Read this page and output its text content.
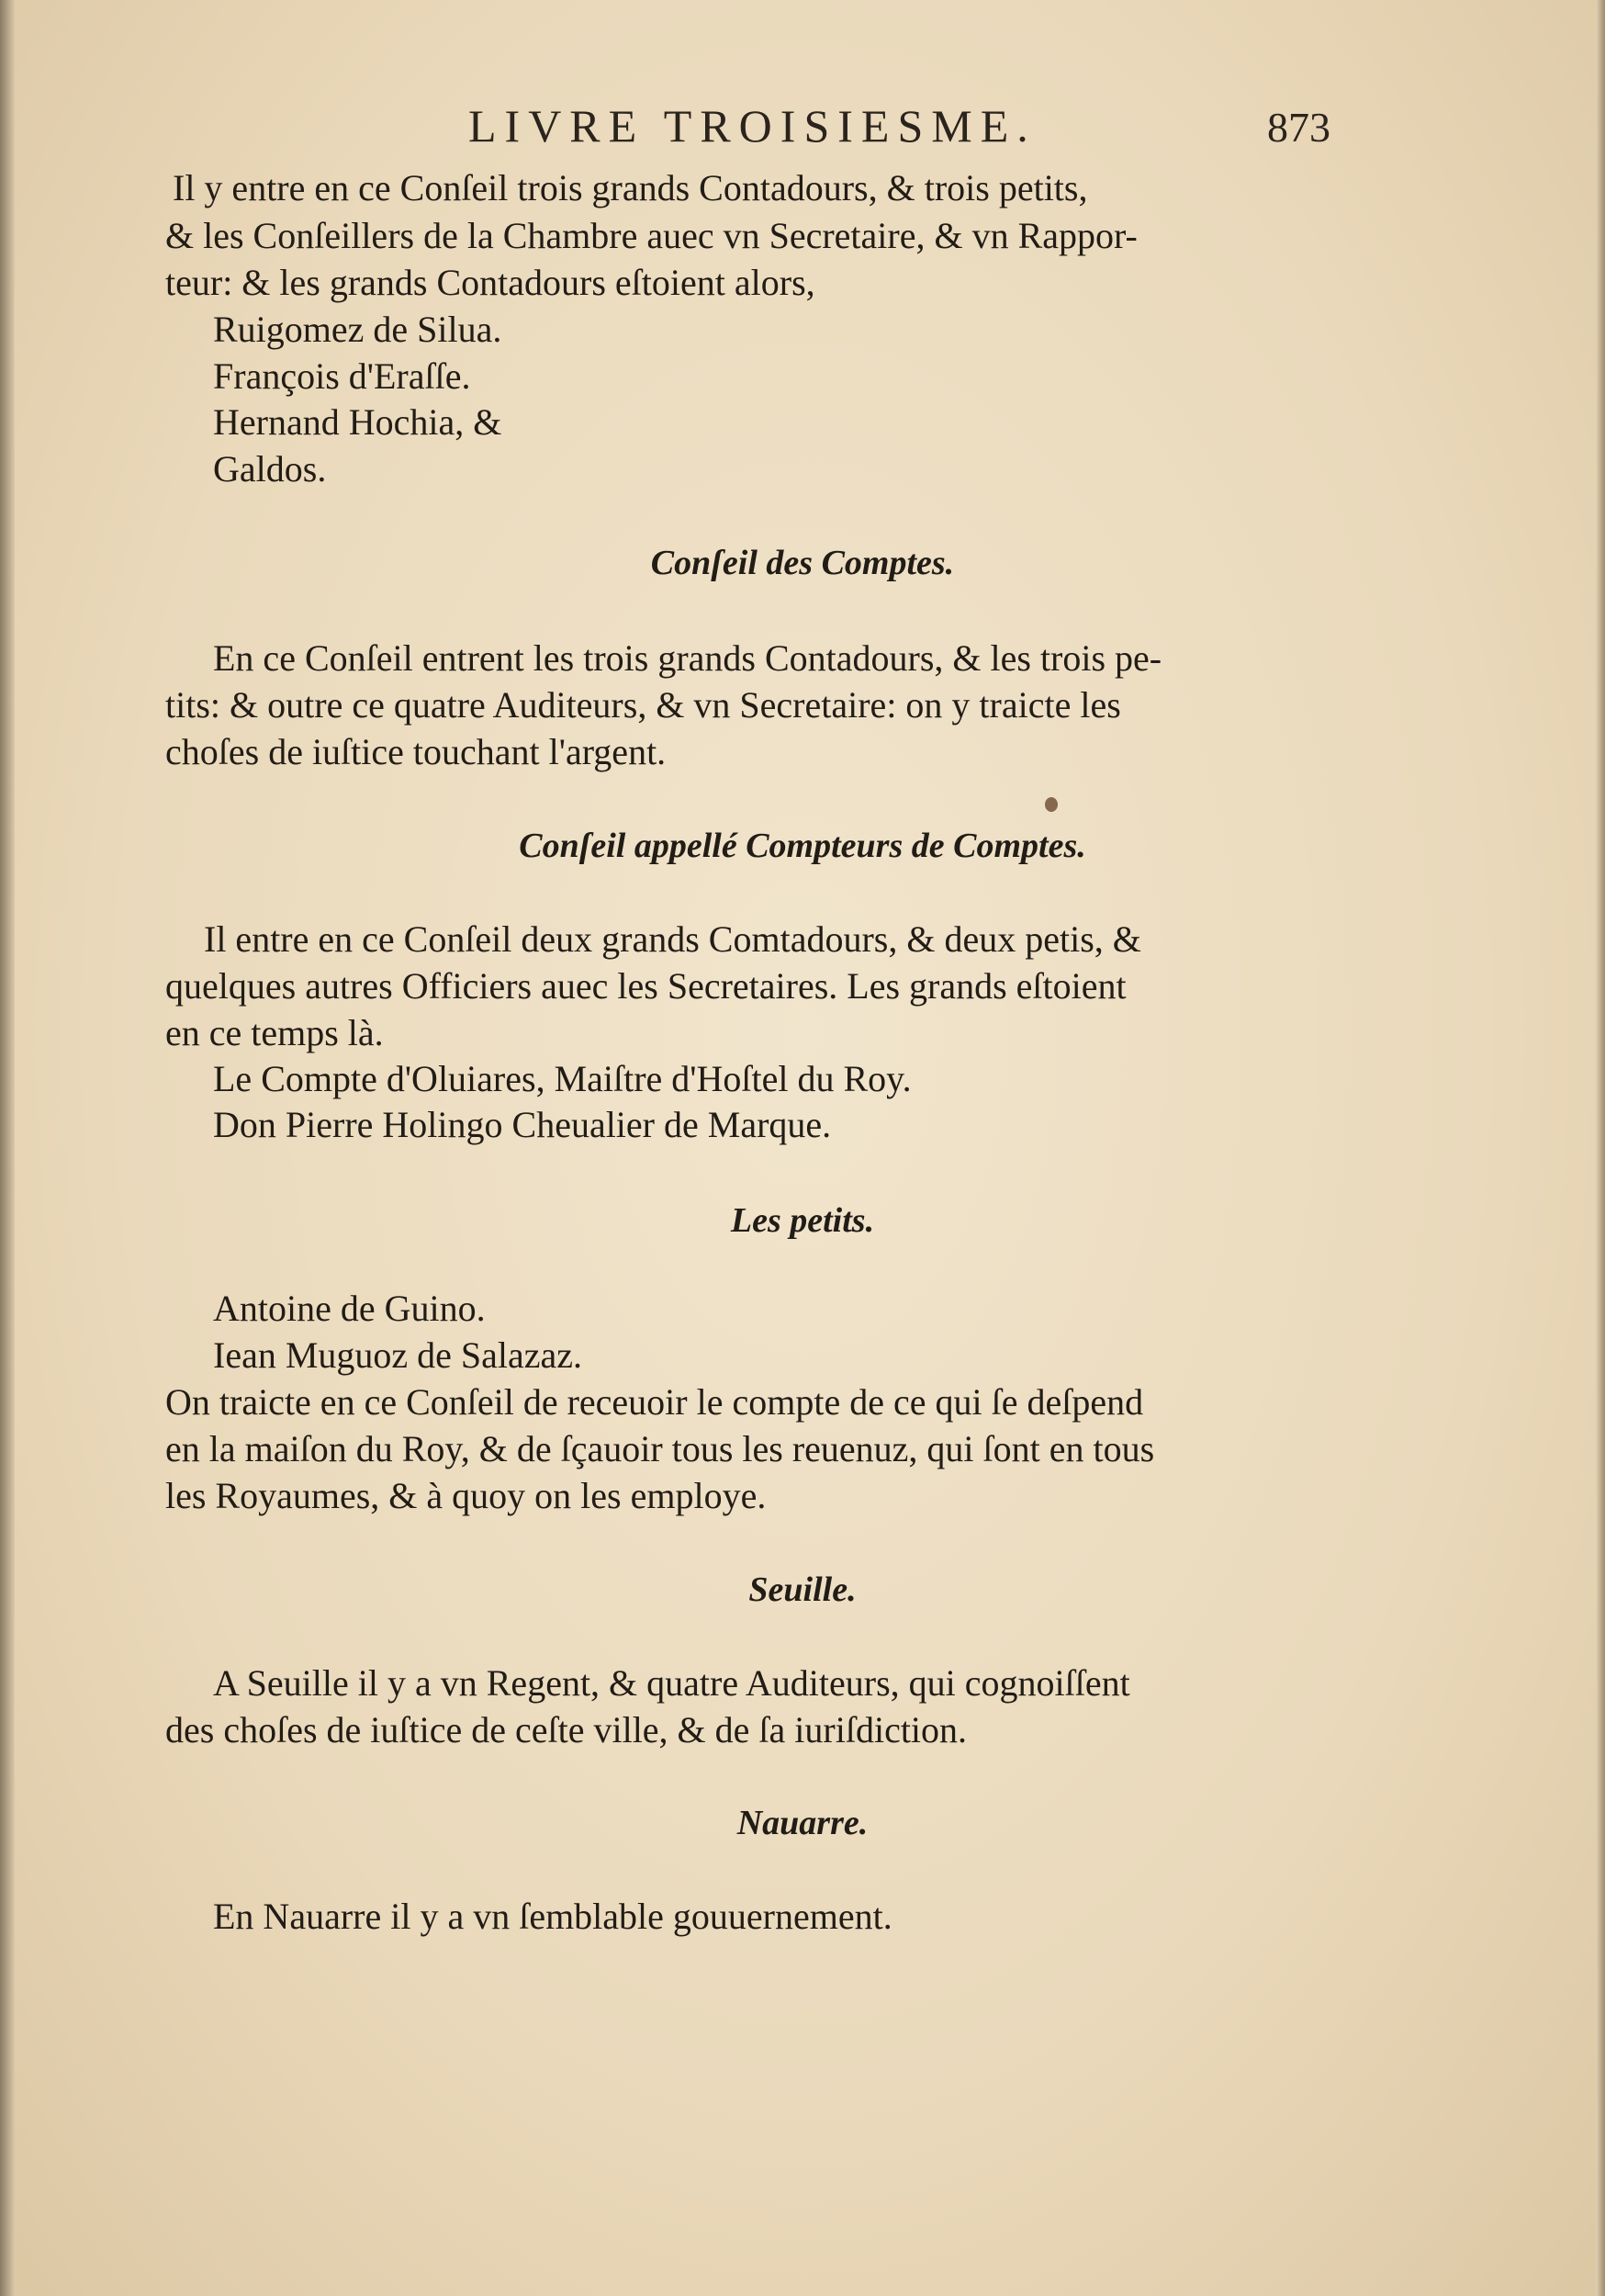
LIVRE TROISIESME.	873
Il y entre en ce Conſeil trois grands Contadours, & trois petits,
& les Conſeillers de la Chambre auec vn Secretaire, & vn Rappor-
teur: & les grands Contadours eſtoient alors,
Ruigomez de Silua.
François d'Eraſſe.
Hernand Hochia, &
Galdos.
Conſeil des Comptes.
En ce Conſeil entrent les trois grands Contadours, & les trois pe-
tits: & outre ce quatre Auditeurs, & vn Secretaire: on y traicte les
choſes de iuſtice touchant l'argent.
Conſeil appellé Compteurs de Comptes.
Il entre en ce Conſeil deux grands Comtadours, & deux petis, &
quelques autres Officiers auec les Secretaires. Les grands eſtoient
en ce temps là.
Le Compte d'Oluiares, Maiſtre d'Hoſtel du Roy.
Don Pierre Holingo Cheualier de Marque.
Les petits.
Antoine de Guino.
Iean Muguoz de Salazaz.
On traicte en ce Conſeil de receuoir le compte de ce qui ſe deſpend
en la maiſon du Roy, & de ſçauoir tous les reuenuz, qui ſont en tous
les Royaumes, & à quoy on les employe.
Seuille.
A Seuille il y a vn Regent, & quatre Auditeurs, qui cognoiſſent
des choſes de iuſtice de ceſte ville, & de ſa iuriſdiction.
Nauarre.
En Nauarre il y a vn ſemblable gouuernement.
